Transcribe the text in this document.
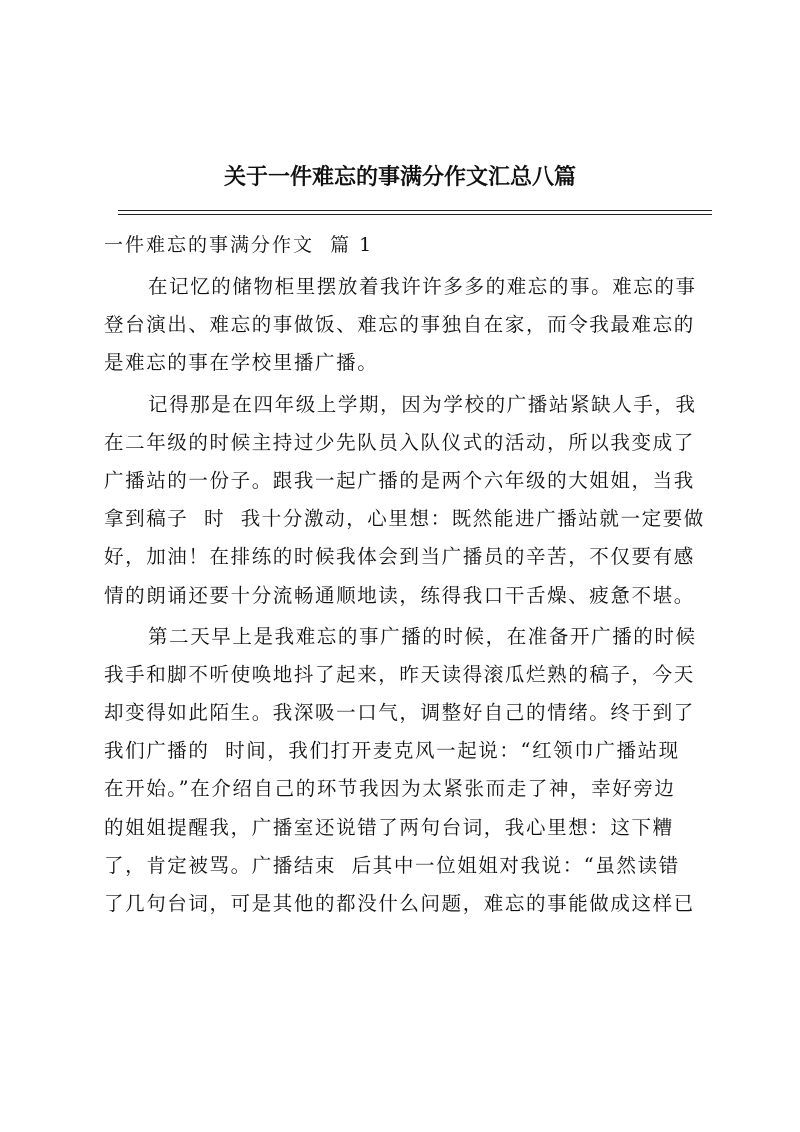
关于一件难忘的事满分作文汇总八篇
一件难忘的事满分作文  篇 1
在记忆的储物柜里摆放着我许许多多的难忘的事。难忘的事
登台演出、难忘的事做饭、难忘的事独自在家，而令我最难忘的
是难忘的事在学校里播广播。
记得那是在四年级上学期，因为学校的广播站紧缺人手，我
在二年级的时候主持过少先队员入队仪式的活动，所以我变成了
广播站的一份子。跟我一起广播的是两个六年级的大姐姐，当我
拿到稿子  时  我十分激动，心里想：既然能进广播站就一定要做
好，加油！在排练的时候我体会到当广播员的辛苦，不仅要有感
情的朗诵还要十分流畅通顺地读，练得我口干舌燥、疲惫不堪。
第二天早上是我难忘的事广播的时候，在准备开广播的时候
我手和脚不听使唤地抖了起来，昨天读得滚瓜烂熟的稿子，今天
却变得如此陌生。我深吸一口气，调整好自己的情绪。终于到了
我们广播的  时间，我们打开麦克风一起说：“红领巾广播站现
在开始。”在介绍自己的环节我因为太紧张而走了神，幸好旁边
的姐姐提醒我，广播室还说错了两句台词，我心里想：这下糟
了，肯定被骂。广播结束  后其中一位姐姐对我说：“虽然读错
了几句台词，可是其他的都没什么问题，难忘的事能做成这样已
